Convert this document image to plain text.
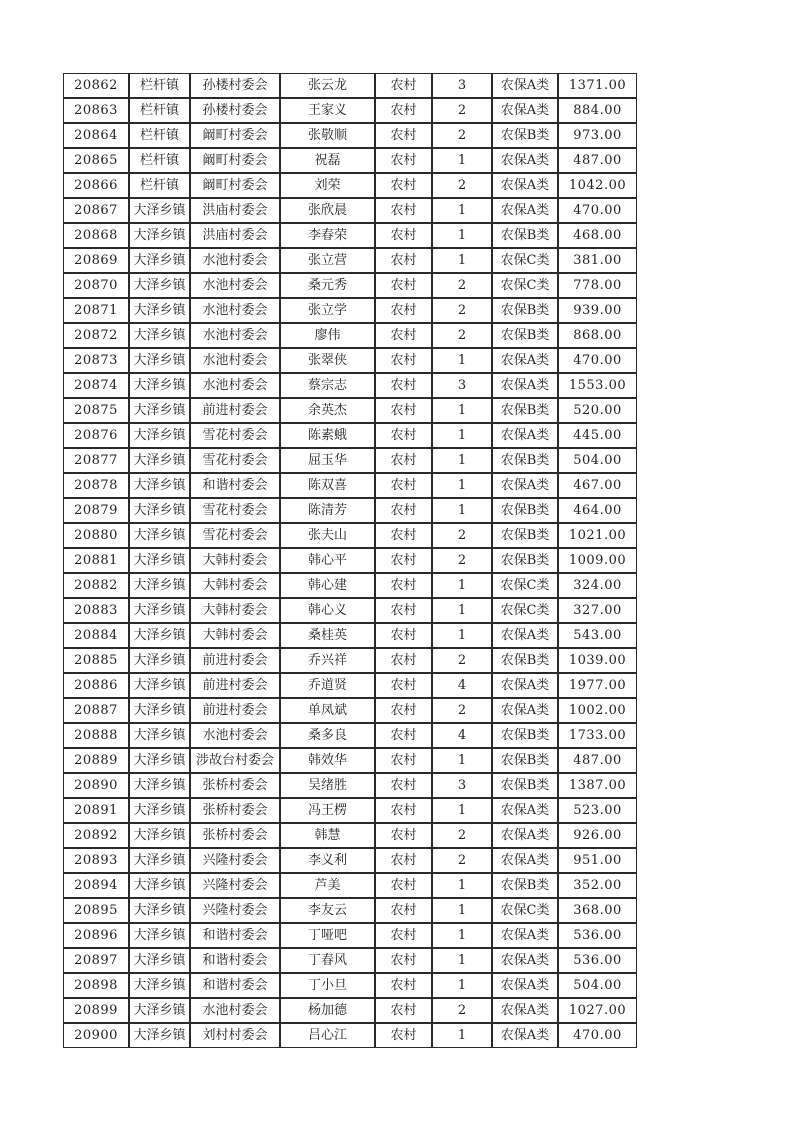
20862	栏杆镇	孙楼村委会	张云龙	农村	3	农保A类	1371.00
20863	栏杆镇	孙楼村委会	王家义	农村	2	农保A类	884.00
20864	栏杆镇	阚町村委会	张敬顺	农村	2	农保B类	973.00
20865	栏杆镇	阚町村委会	祝磊	农村	1	农保A类	487.00
20866	栏杆镇	阚町村委会	刘荣	农村	2	农保A类	1042.00
20867	大泽乡镇	洪庙村委会	张欣晨	农村	1	农保A类	470.00
20868	大泽乡镇	洪庙村委会	李春荣	农村	1	农保B类	468.00
20869	大泽乡镇	水池村委会	张立营	农村	1	农保C类	381.00
20870	大泽乡镇	水池村委会	桑元秀	农村	2	农保C类	778.00
20871	大泽乡镇	水池村委会	张立学	农村	2	农保B类	939.00
20872	大泽乡镇	水池村委会	廖伟	农村	2	农保B类	868.00
20873	大泽乡镇	水池村委会	张翠侠	农村	1	农保A类	470.00
20874	大泽乡镇	水池村委会	蔡宗志	农村	3	农保A类	1553.00
20875	大泽乡镇	前进村委会	余英杰	农村	1	农保B类	520.00
20876	大泽乡镇	雪花村委会	陈素蛾	农村	1	农保A类	445.00
20877	大泽乡镇	雪花村委会	屈玉华	农村	1	农保B类	504.00
20878	大泽乡镇	和谐村委会	陈双喜	农村	1	农保A类	467.00
20879	大泽乡镇	雪花村委会	陈清芳	农村	1	农保B类	464.00
20880	大泽乡镇	雪花村委会	张夫山	农村	2	农保B类	1021.00
20881	大泽乡镇	大韩村委会	韩心平	农村	2	农保B类	1009.00
20882	大泽乡镇	大韩村委会	韩心建	农村	1	农保C类	324.00
20883	大泽乡镇	大韩村委会	韩心义	农村	1	农保C类	327.00
20884	大泽乡镇	大韩村委会	桑桂英	农村	1	农保A类	543.00
20885	大泽乡镇	前进村委会	乔兴祥	农村	2	农保B类	1039.00
20886	大泽乡镇	前进村委会	乔道贤	农村	4	农保A类	1977.00
20887	大泽乡镇	前进村委会	单凤斌	农村	2	农保A类	1002.00
20888	大泽乡镇	水池村委会	桑多良	农村	4	农保B类	1733.00
20889	大泽乡镇	涉故台村委会	韩效华	农村	1	农保B类	487.00
20890	大泽乡镇	张桥村委会	吴绪胜	农村	3	农保B类	1387.00
20891	大泽乡镇	张桥村委会	冯王楞	农村	1	农保A类	523.00
20892	大泽乡镇	张桥村委会	韩慧	农村	2	农保A类	926.00
20893	大泽乡镇	兴隆村委会	李义利	农村	2	农保A类	951.00
20894	大泽乡镇	兴隆村委会	芦美	农村	1	农保B类	352.00
20895	大泽乡镇	兴隆村委会	李友云	农村	1	农保C类	368.00
20896	大泽乡镇	和谐村委会	丁哑吧	农村	1	农保A类	536.00
20897	大泽乡镇	和谐村委会	丁春风	农村	1	农保A类	536.00
20898	大泽乡镇	和谐村委会	丁小旦	农村	1	农保A类	504.00
20899	大泽乡镇	水池村委会	杨加德	农村	2	农保A类	1027.00
20900	大泽乡镇	刘村村委会	吕心江	农村	1	农保A类	470.00
